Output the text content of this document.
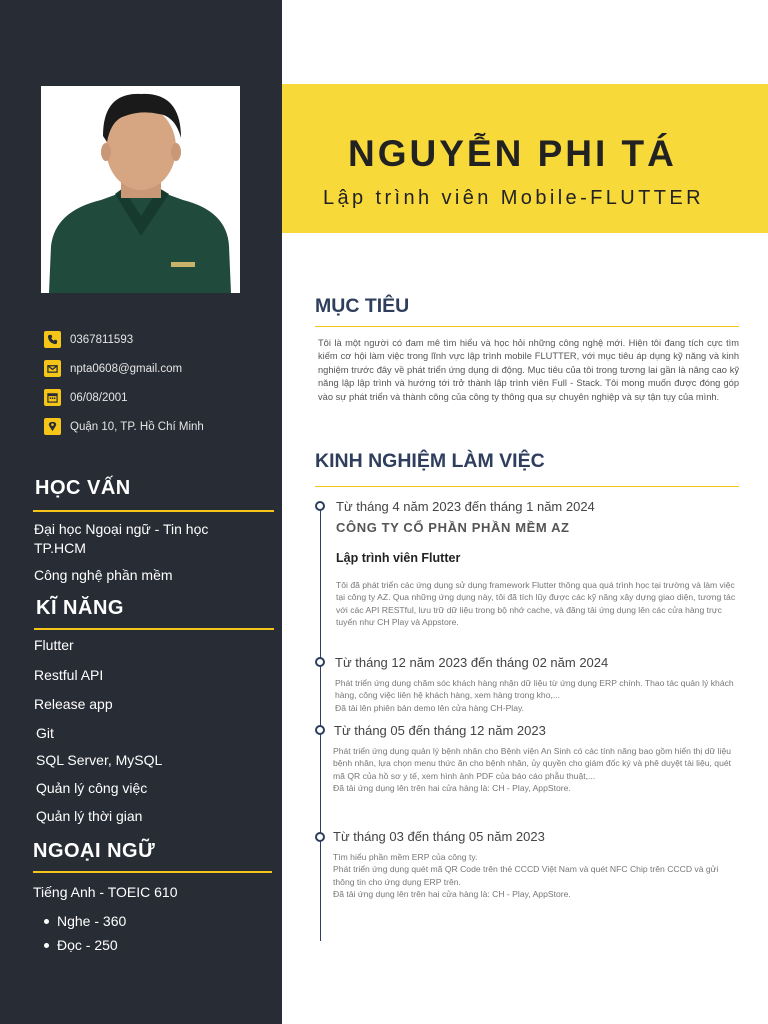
0367811593
npta0608@gmail.com
06/08/2001
Quận 10, TP. Hồ Chí Minh
HỌC VẤN
Đại học Ngoại ngữ - Tin học TP.HCM
Công nghệ phần mềm
KĨ NĂNG
Flutter
Restful API
Release app
Git
SQL Server, MySQL
Quản lý công việc
Quản lý thời gian
NGOẠI NGỮ
Tiếng Anh - TOEIC 610
Nghe - 360
Đọc - 250
NGUYỄN PHI TÁ
Lập trình viên Mobile-FLUTTER
MỤC TIÊU
Tôi là một người có đam mê tìm hiểu và học hỏi những công nghệ mới. Hiện tôi đang tích cực tìm kiếm cơ hội làm việc trong lĩnh vực lập trình mobile FLUTTER, với mục tiêu áp dụng kỹ năng và kinh nghiệm trước đây về phát triển ứng dụng di động. Mục tiêu của tôi trong tương lai gần là nâng cao kỹ năng lập lập trình và hướng tới trở thành lập trình viên Full - Stack. Tôi mong muốn được đóng góp vào sự phát triển và thành công của công ty thông qua sự chuyên nghiệp và sự tận tụy của mình.
KINH NGHIỆM LÀM VIỆC
Từ tháng 4 năm 2023 đến tháng 1 năm 2024
CÔNG TY CỔ PHẦN PHẦN MỀM AZ
Lập trình viên Flutter
Tôi đã phát triển các ứng dụng sử dụng framework Flutter thông qua quá trình học tại trường và làm việc tại công ty AZ. Qua những ứng dụng này, tôi đã tích lũy được các kỹ năng xây dựng giao diện, tương tác với các API RESTful, lưu trữ dữ liệu trong bộ nhớ cache, và đăng tải ứng dụng lên các cửa hàng trực tuyến như CH Play và Appstore.
Từ tháng 12 năm 2023 đến tháng 02 năm 2024
Phát triển ứng dụng chăm sóc khách hàng nhận dữ liệu từ ứng dụng ERP chính. Thao tác quản lý khách hàng, công việc liên hệ khách hàng, xem hàng trong kho,...
Đã tải lên phiên bản demo lên cửa hàng CH-Play.
Từ tháng 05 đến tháng 12 năm 2023
Phát triển ứng dụng quản lý bệnh nhân cho Bệnh viện An Sinh có các tính năng bao gồm hiển thị dữ liệu bệnh nhân, lựa chọn menu thức ăn cho bệnh nhân, ủy quyền cho giám đốc ký và phê duyệt tài liệu, quét mã QR của hồ sơ y tế, xem hình ảnh PDF của báo cáo phẫu thuật,...
Đã tải ứng dụng lên trên hai cửa hàng là: CH - Play, AppStore.
Từ tháng 03 đến tháng 05 năm 2023
Tìm hiểu phần mềm ERP của công ty.
Phát triển ứng dụng quét mã QR Code trên thẻ CCCD Việt Nam và quét NFC Chip trên CCCD và gửi thông tin cho ứng dụng ERP trên.
Đã tải ứng dụng lên trên hai cửa hàng là: CH - Play, AppStore.
